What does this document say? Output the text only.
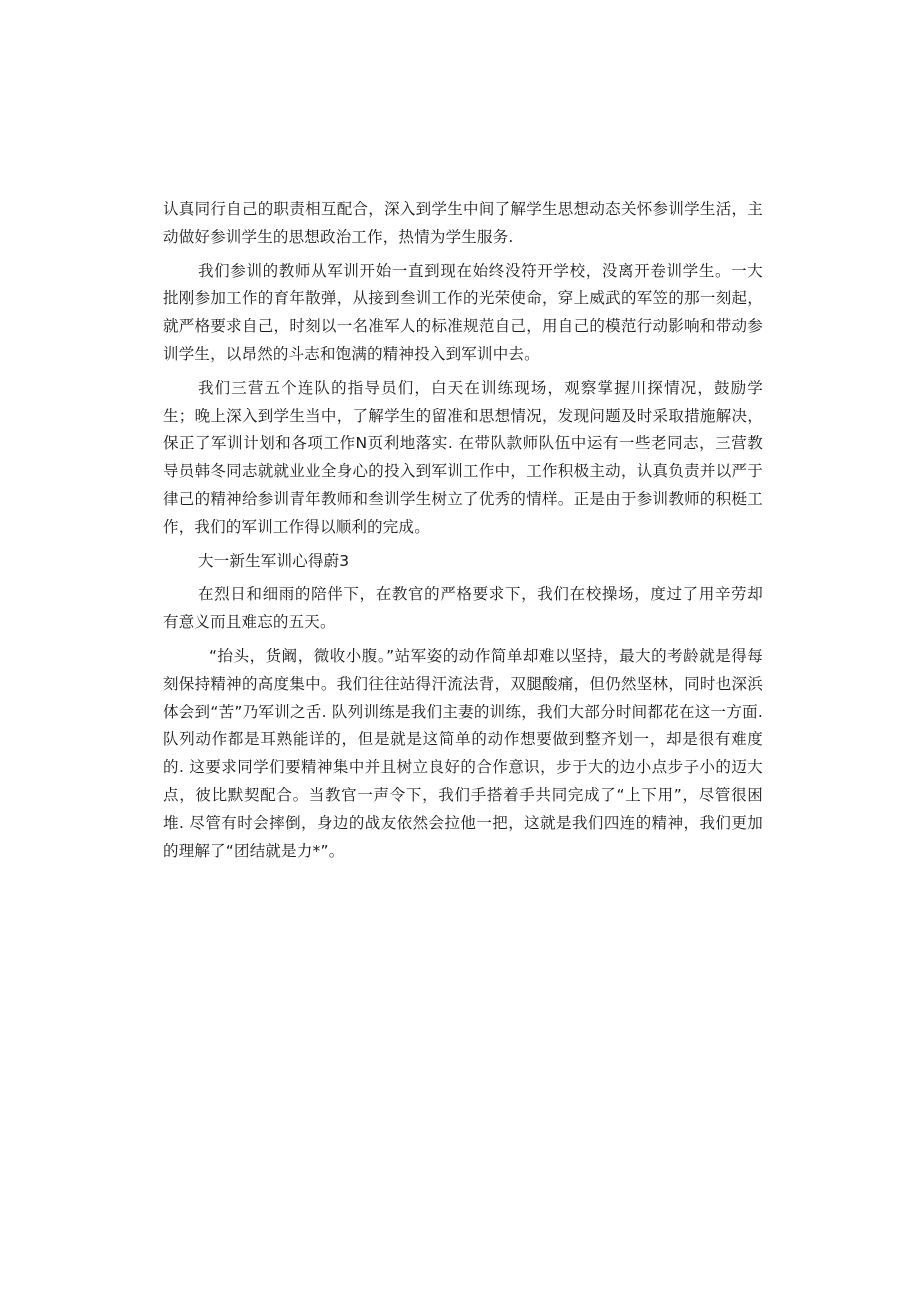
认真同行自己的职责相互配合，深入到学生中间了解学生思想动态关怀参训学生活，主动做好参训学生的思想政治工作，热情为学生服务.

我们参训的教师从军训开始一直到现在始终没符开学校，没离开卷训学生。一大批刚参加工作的育年散弹，从接到叁训工作的光荣使命，穿上威武的军笠的那一刻起，就严格要求自己，时刻以一名准军人的标准规范自己，用自己的模范行动影响和带动参训学生，以昂然的斗志和饱满的精神投入到军训中去。

我们三营五个连队的指导员们，白天在训练现场，观察掌握川探情况，鼓励学生；晚上深入到学生当中，了解学生的留准和思想情况，发现问题及时采取措施解决，保正了军训计划和各项工作N页利地落实. 在带队款师队伍中运有一些老同志，三营教导员韩冬同志就就业业全身心的投入到军训工作中，工作积极主动，认真负责并以严于律己的精神给参训青年教师和叁训学生树立了优秀的情样。正是由于参训教师的积梃工作，我们的军训工作得以顺利的完成。

大一新生军训心得蔚3

在烈日和细雨的陪伴下，在教官的严格要求下，我们在校操场，度过了用辛劳却有意义而且难忘的五天。

“抬头，货阚，微收小腹。”站军姿的动作简单却难以坚持，最大的考龄就是得每刻保持精神的高度集中。我们往往站得汗流法背，双腿酸痛，但仍然坚林，同时也深浜体会到“苦”乃军训之舌. 队列训练是我们主妻的训练，我们大部分时间都花在这一方面. 队列动作都是耳熟能详的，但是就是这简单的动作想要做到整齐划一，却是很有难度的. 这要求同学们要精神集中并且树立良好的合作意识，步于大的边小点步子小的迈大点，彼比默契配合。当教官一声令下，我们手搭着手共同完成了“上下用”，尽管很困堆. 尽管有时会摔倒，身边的战友依然会拉他一把，这就是我们四连的精神，我们更加的理解了“团结就是力*”。
